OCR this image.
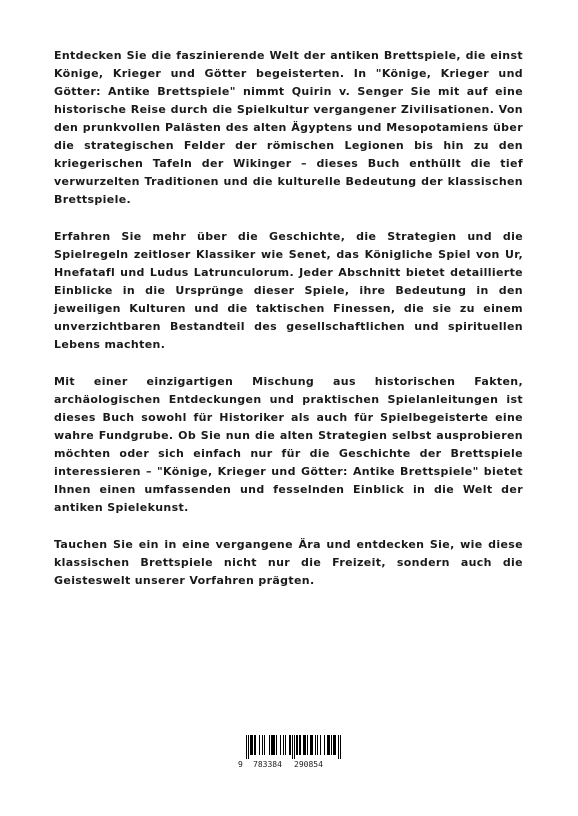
Entdecken Sie die faszinierende Welt der antiken Brettspiele, die einst Könige, Krieger und Götter begeisterten. In "Könige, Krieger und Götter: Antike Brettspiele" nimmt Quirin v. Senger Sie mit auf eine historische Reise durch die Spielkultur vergangener Zivilisationen. Von den prunkvollen Palästen des alten Ägyptens und Mesopotamiens über die strategischen Felder der römischen Legionen bis hin zu den kriegerischen Tafeln der Wikinger – dieses Buch enthüllt die tief verwurzelten Traditionen und die kulturelle Bedeutung der klassischen Brettspiele.

Erfahren Sie mehr über die Geschichte, die Strategien und die Spielregeln zeitloser Klassiker wie Senet, das Königliche Spiel von Ur, Hnefatafl und Ludus Latrunculorum. Jeder Abschnitt bietet detaillierte Einblicke in die Ursprünge dieser Spiele, ihre Bedeutung in den jeweiligen Kulturen und die taktischen Finessen, die sie zu einem unverzichtbaren Bestandteil des gesellschaftlichen und spirituellen Lebens machten.

Mit einer einzigartigen Mischung aus historischen Fakten, archäologischen Entdeckungen und praktischen Spielanleitungen ist dieses Buch sowohl für Historiker als auch für Spielbegeisterte eine wahre Fundgrube. Ob Sie nun die alten Strategien selbst ausprobieren möchten oder sich einfach nur für die Geschichte der Brettspiele interessieren – "Könige, Krieger und Götter: Antike Brettspiele" bietet Ihnen einen umfassenden und fesselnden Einblick in die Welt der antiken Spielekunst.

Tauchen Sie ein in eine vergangene Ära und entdecken Sie, wie diese klassischen Brettspiele nicht nur die Freizeit, sondern auch die Geisteswelt unserer Vorfahren prägten.

9 783384 290854
